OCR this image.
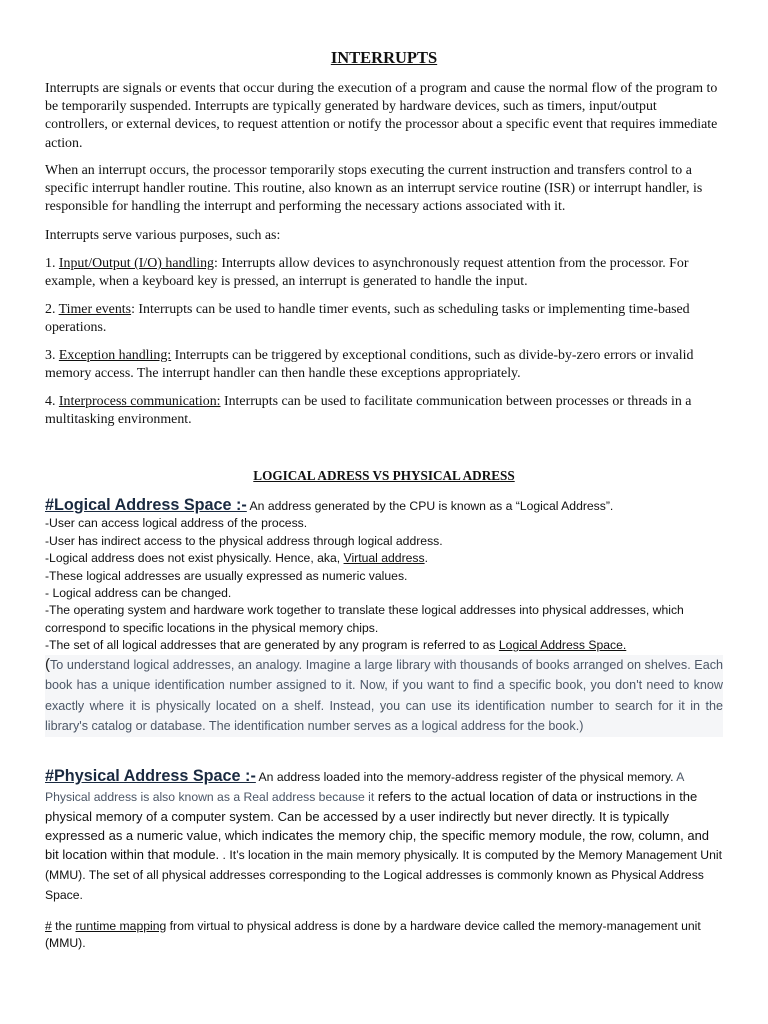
INTERRUPTS

Interrupts are signals or events that occur during the execution of a program and cause the normal flow of the program to be temporarily suspended. Interrupts are typically generated by hardware devices, such as timers, input/output controllers, or external devices, to request attention or notify the processor about a specific event that requires immediate action.

When an interrupt occurs, the processor temporarily stops executing the current instruction and transfers control to a specific interrupt handler routine. This routine, also known as an interrupt service routine (ISR) or interrupt handler, is responsible for handling the interrupt and performing the necessary actions associated with it.

Interrupts serve various purposes, such as:

1. Input/Output (I/O) handling: Interrupts allow devices to asynchronously request attention from the processor. For example, when a keyboard key is pressed, an interrupt is generated to handle the input.

2. Timer events: Interrupts can be used to handle timer events, such as scheduling tasks or implementing time-based operations.

3. Exception handling: Interrupts can be triggered by exceptional conditions, such as divide-by-zero errors or invalid memory access. The interrupt handler can then handle these exceptions appropriately.

4. Interprocess communication: Interrupts can be used to facilitate communication between processes or threads in a multitasking environment.

LOGICAL ADRESS VS PHYSICAL ADRESS
#Logical Address Space :- An address generated by the CPU is known as a “Logical Address”.
-User can access logical address of the process.
-User has indirect access to the physical address through logical address.
-Logical address does not exist physically. Hence, aka, Virtual address.
-These logical addresses are usually expressed as numeric values.
- Logical address can be changed.
-The operating system and hardware work together to translate these logical addresses into physical addresses, which correspond to specific locations in the physical memory chips.
-The set of all logical addresses that are generated by any program is referred to as Logical Address Space.
(To understand logical addresses, an analogy. Imagine a large library with thousands of books arranged on shelves. Each book has a unique identification number assigned to it. Now, if you want to find a specific book, you don't need to know exactly where it is physically located on a shelf. Instead, you can use its identification number to search for it in the library's catalog or database. The identification number serves as a logical address for the book.)
#Physical Address Space :- An address loaded into the memory-address register of the physical memory. A Physical address is also known as a Real address because it refers to the actual location of data or instructions in the physical memory of a computer system. Can be accessed by a user indirectly but never directly. It is typically expressed as a numeric value, which indicates the memory chip, the specific memory module, the row, column, and bit location within that module. . It’s location in the main memory physically. It is computed by the Memory Management Unit (MMU). The set of all physical addresses corresponding to the Logical addresses is commonly known as Physical Address Space.
# the runtime mapping from virtual to physical address is done by a hardware device called the memory-management unit (MMU).
